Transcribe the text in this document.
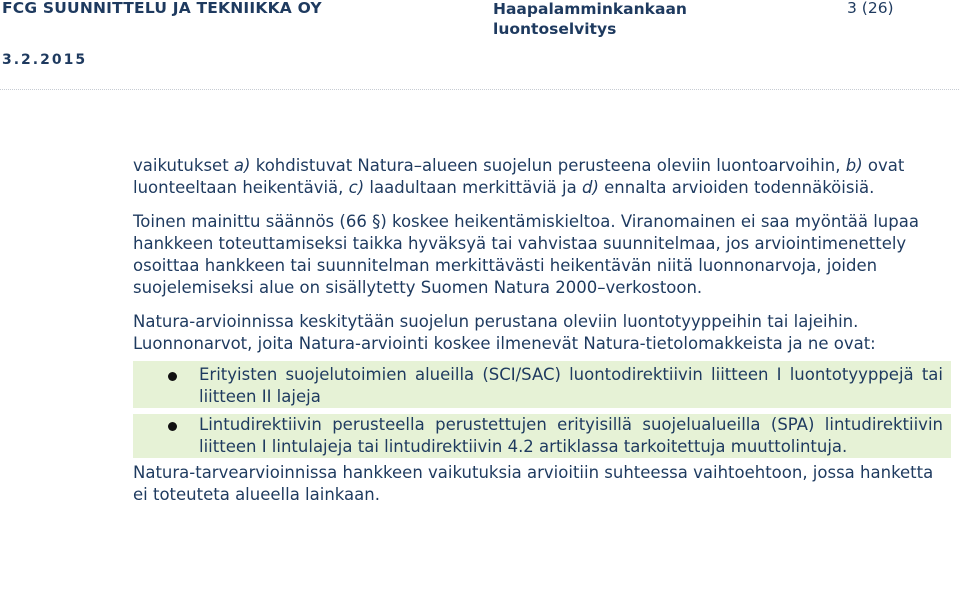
FCG SUUNNITTELU JA TEKNIIKKA OY	Haapalamminkankaan
luontoselvitys
3 (26)
3.2.2015

vaikutukset a) kohdistuvat Natura–alueen suojelun perusteena oleviin luontoarvoihin, b) ovat luonteeltaan heikentäviä, c) laadultaan merkittäviä ja d) ennalta arvioiden todennäköisiä.

Toinen mainittu säännös (66 §) koskee heikentämiskieltoa. Viranomainen ei saa myöntää lupaa hankkeen toteuttamiseksi taikka hyväksyä tai vahvistaa suunnitelmaa, jos arviointimenettely osoittaa hankkeen tai suunnitelman merkittävästi heikentävän niitä luonnonarvoja, joiden suojelemiseksi alue on sisällytetty Suomen Natura 2000–verkostoon.

Natura-arvioinnissa keskitytään suojelun perustana oleviin luontotyyppeihin tai lajeihin. Luonnonarvot, joita Natura-arviointi koskee ilmenevät Natura-tietolomakkeista ja ne ovat:

Erityisten suojelutoimien alueilla (SCI/SAC) luontodirektiivin liitteen I luontotyyppejä tai liitteen II lajeja
Lintudirektiivin perusteella perustettujen erityisillä suojelualueilla (SPA) lintudirektiivin liitteen I lintulajeja tai lintudirektiivin 4.2 artiklassa tarkoitettuja muuttolintuja.

Natura-tarvearvioinnissa hankkeen vaikutuksia arvioitiin suhteessa vaihtoehtoon, jossa hanketta ei toteuteta alueella lainkaan.
